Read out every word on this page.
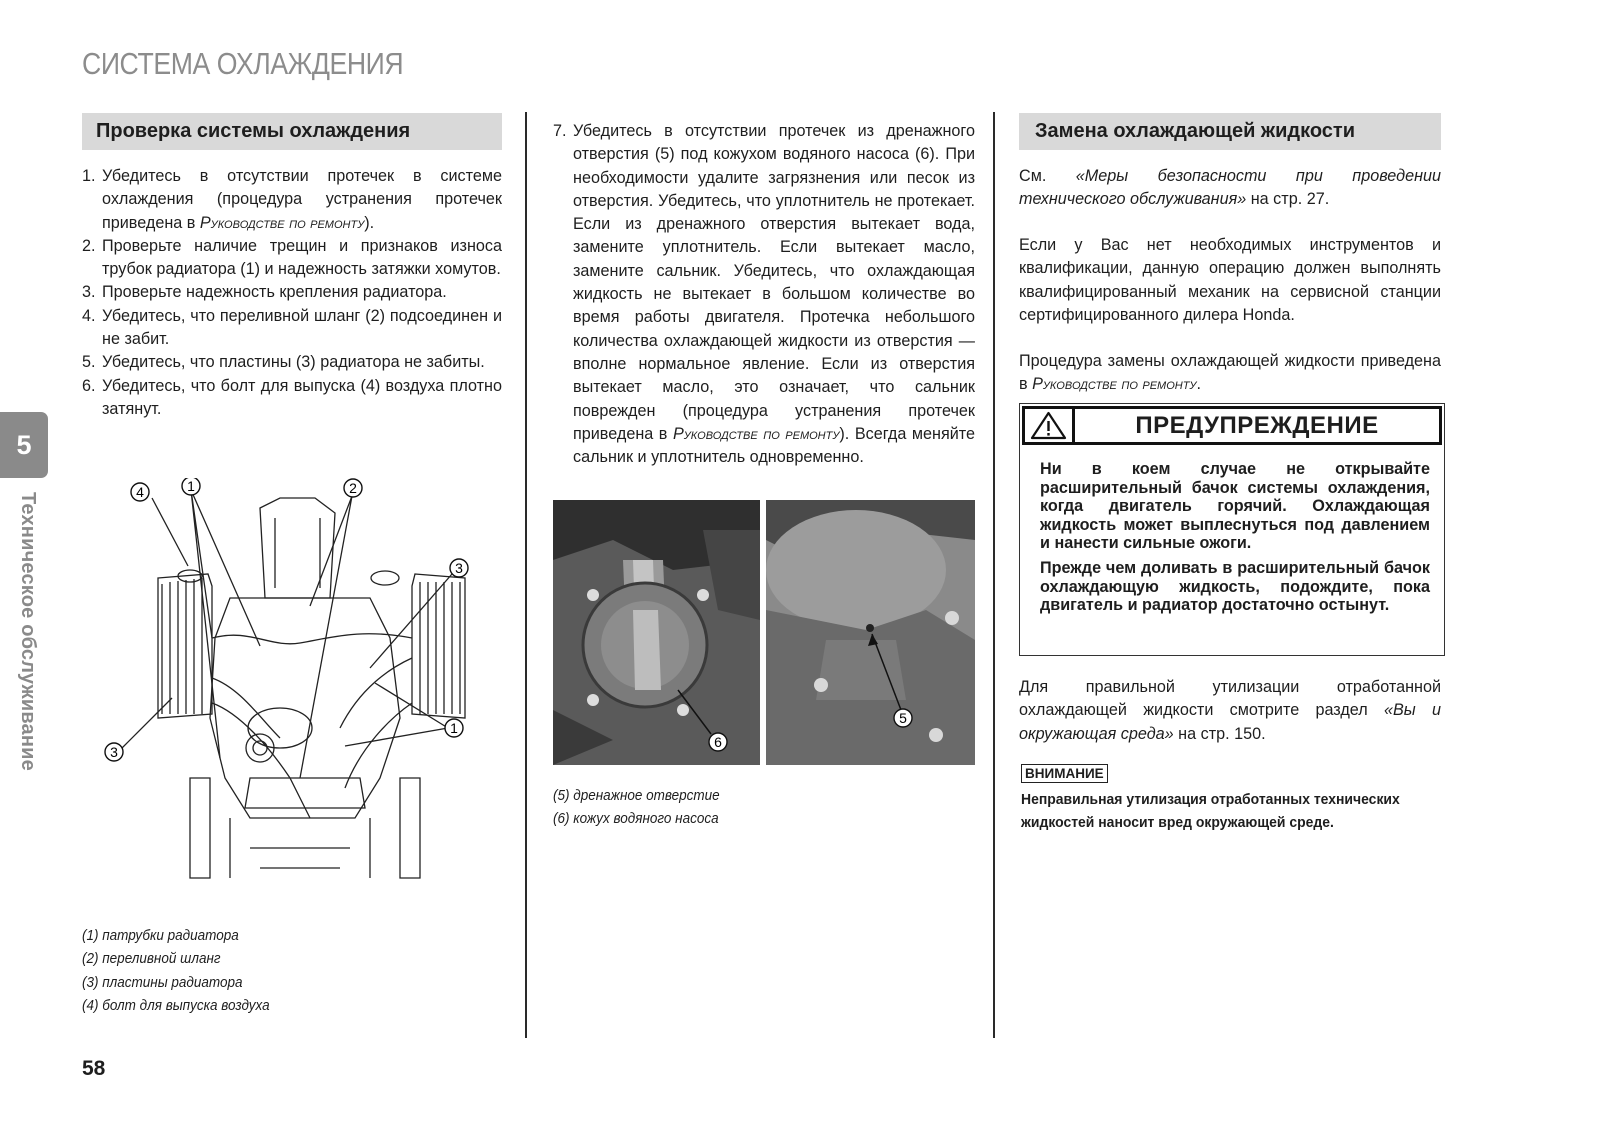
СИСТЕМА ОХЛАЖДЕНИЯ
5
Техническое обслуживание
Проверка системы охлаждения
1. Убедитесь в отсутствии протечек в системе охлаждения (процедура устранения протечек приведена в Руководстве по ремонту).
2. Проверьте наличие трещин и признаков износа трубок радиатора (1) и надежность затяжки хомутов.
3. Проверьте надежность крепления радиатора.
4. Убедитесь, что переливной шланг (2) подсоединен и не забит.
5. Убедитесь, что пластины (3) радиатора не забиты.
6. Убедитесь, что болт для выпуска (4) воздуха плотно затянут.
4	1	2
3
3
1
(1) патрубки радиатора
(2) переливной шланг
(3) пластины радиатора
(4) болт для выпуска воздуха
7. Убедитесь в отсутствии протечек из дренажного отверстия (5) под кожухом водяного насоса (6). При необходимости удалите загрязнения или песок из отверстия. Убедитесь, что уплотнитель не протекает. Если из дренажного отверстия вытекает вода, замените уплотнитель. Если вытекает масло, замените сальник. Убедитесь, что охлаждающая жидкость не вытекает в большом количестве во время работы двигателя. Протечка небольшого количества охлаждающей жидкости из отверстия — вполне нормальное явление. Если из отверстия вытекает масло, это означает, что сальник поврежден (процедура устранения протечек приведена в Руководстве по ремонту). Всегда меняйте сальник и уплотнитель одновременно.
6
5
(5) дренажное отверстие
(6) кожух водяного насоса
Замена охлаждающей жидкости
См. «Меры безопасности при проведении технического обслуживания» на стр. 27.
Если у Вас нет необходимых инструментов и квалификации, данную операцию должен выполнять квалифицированный механик на сервисной станции сертифицированного дилера Honda.
Процедура замены охлаждающей жидкости приведена в Руководстве по ремонту.
ПРЕДУПРЕЖДЕНИЕ

Ни в коем случае не открывайте расширительный бачок системы охлаждения, когда двигатель горячий. Охлаждающая жидкость может выплеснуться под давлением и нанести сильные ожоги.

Прежде чем доливать в расширительный бачок охлаждающую жидкость, подождите, пока двигатель и радиатор достаточно остынут.

Для правильной утилизации отработанной охлаждающей жидкости смотрите раздел «Вы и окружающая среда» на стр. 150.
ВНИМАНИЕ
Неправильная утилизация отработанных технических жидкостей наносит вред окружающей среде.
58
